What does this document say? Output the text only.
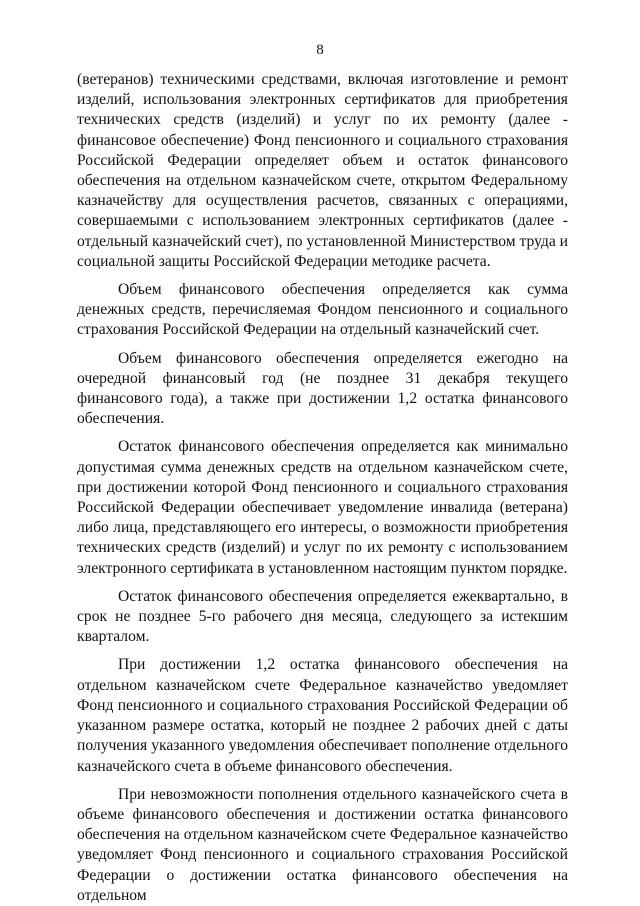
8

(ветеранов) техническими средствами, включая изготовление и ремонт изделий, использования электронных сертификатов для приобретения технических средств (изделий) и услуг по их ремонту (далее - финансовое обеспечение) Фонд пенсионного и социального страхования Российской Федерации определяет объем и остаток финансового обеспечения на отдельном казначейском счете, открытом Федеральному казначейству для осуществления расчетов, связанных с операциями, совершаемыми с использованием электронных сертификатов (далее - отдельный казначейский счет), по установленной Министерством труда и социальной защиты Российской Федерации методике расчета.

Объем финансового обеспечения определяется как сумма денежных средств, перечисляемая Фондом пенсионного и социального страхования Российской Федерации на отдельный казначейский счет.

Объем финансового обеспечения определяется ежегодно на очередной финансовый год (не позднее 31 декабря текущего финансового года), а также при достижении 1,2 остатка финансового обеспечения.

Остаток финансового обеспечения определяется как минимально допустимая сумма денежных средств на отдельном казначейском счете, при достижении которой Фонд пенсионного и социального страхования Российской Федерации обеспечивает уведомление инвалида (ветерана) либо лица, представляющего его интересы, о возможности приобретения технических средств (изделий) и услуг по их ремонту с использованием электронного сертификата в установленном настоящим пунктом порядке.

Остаток финансового обеспечения определяется ежеквартально, в срок не позднее 5-го рабочего дня месяца, следующего за истекшим кварталом.

При достижении 1,2 остатка финансового обеспечения на отдельном казначейском счете Федеральное казначейство уведомляет Фонд пенсионного и социального страхования Российской Федерации об указанном размере остатка, который не позднее 2 рабочих дней с даты получения указанного уведомления обеспечивает пополнение отдельного казначейского счета в объеме финансового обеспечения.

При невозможности пополнения отдельного казначейского счета в объеме финансового обеспечения и достижении остатка финансового обеспечения на отдельном казначейском счете Федеральное казначейство уведомляет Фонд пенсионного и социального страхования Российской Федерации о достижении остатка финансового обеспечения на отдельном
